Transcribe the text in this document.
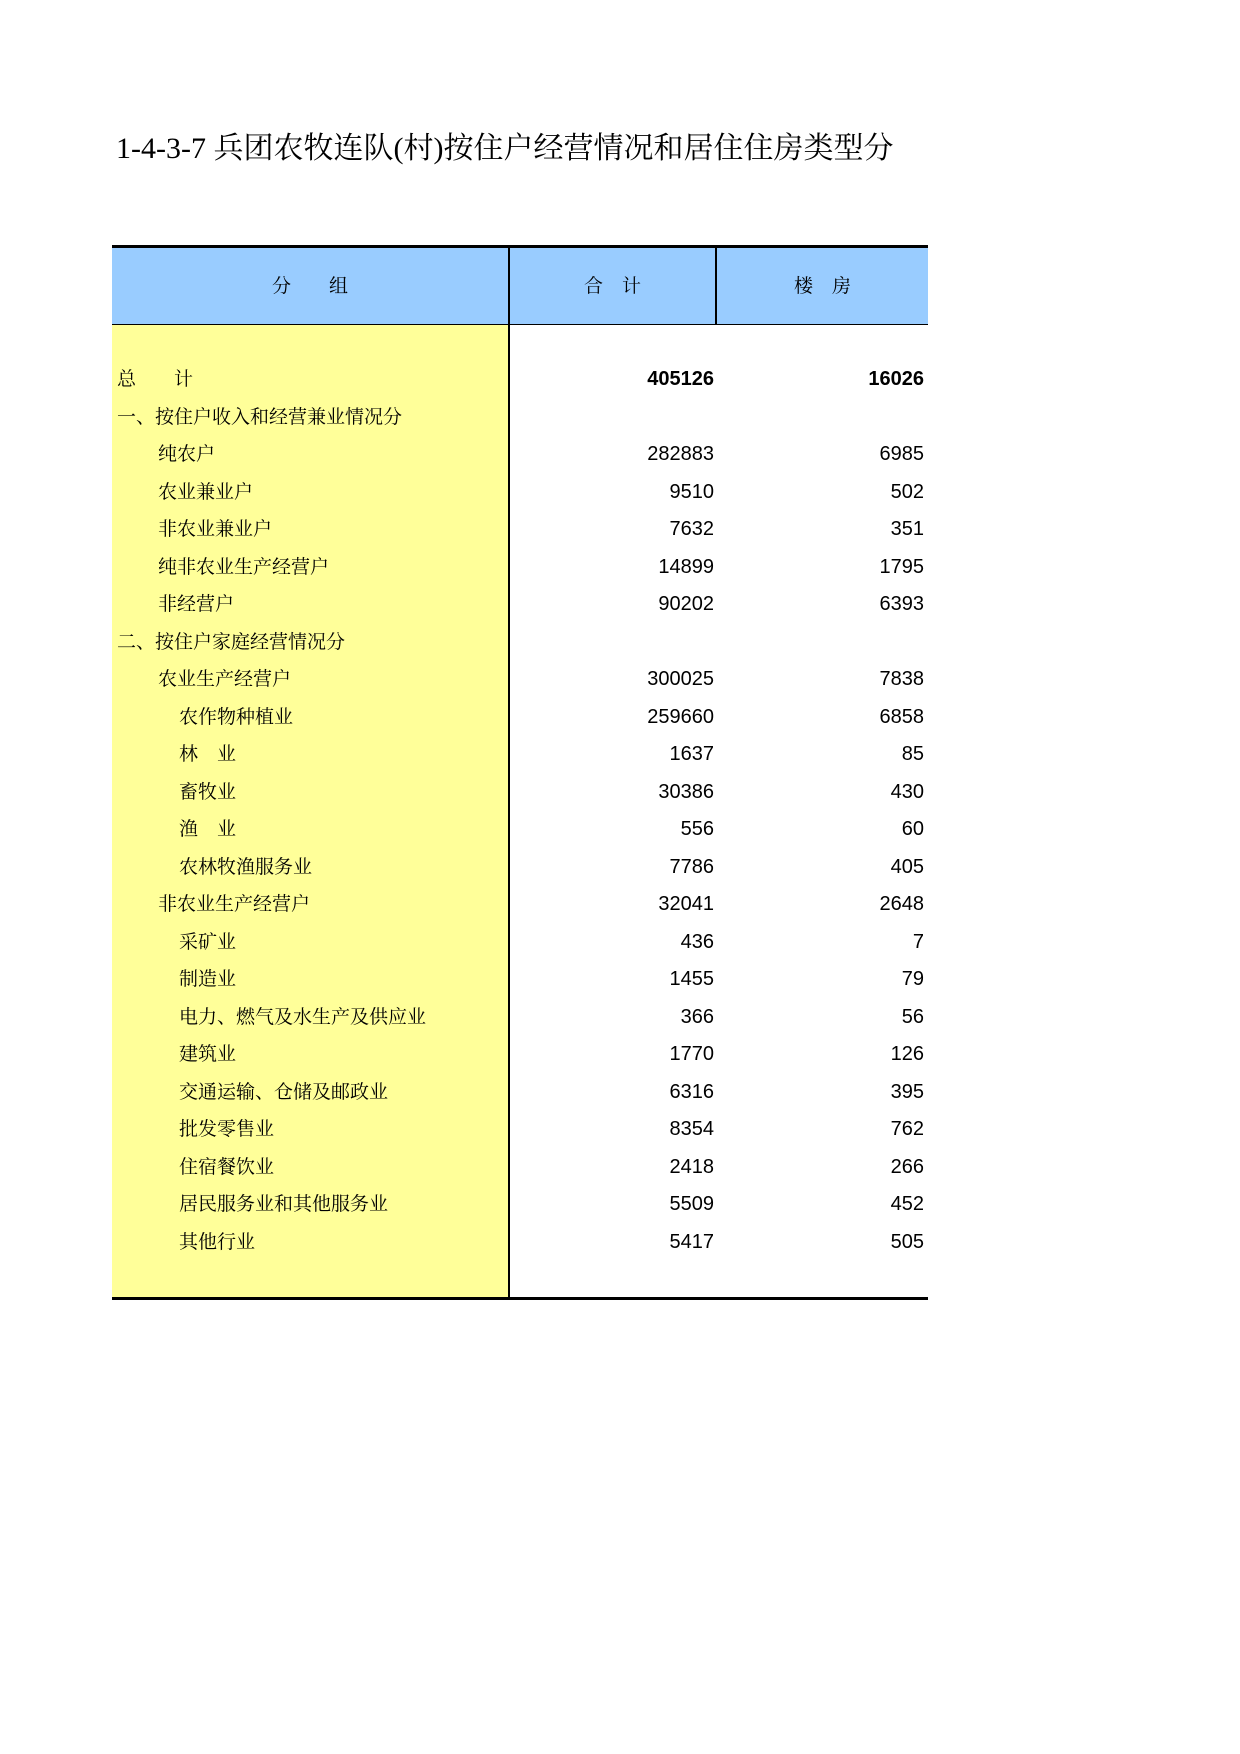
1-4-3-7 兵团农牧连队(村)按住户经营情况和居住住房类型分
分　　组	合　计	楼　房
总　　计	405126	16026
一、按住户收入和经营兼业情况分
纯农户	282883	6985
农业兼业户	9510	502
非农业兼业户	7632	351
纯非农业生产经营户	14899	1795
非经营户	90202	6393
二、按住户家庭经营情况分
农业生产经营户	300025	7838
农作物种植业	259660	6858
林　业	1637	85
畜牧业	30386	430
渔　业	556	60
农林牧渔服务业	7786	405
非农业生产经营户	32041	2648
采矿业	436	7
制造业	1455	79
电力、燃气及水生产及供应业	366	56
建筑业	1770	126
交通运输、仓储及邮政业	6316	395
批发零售业	8354	762
住宿餐饮业	2418	266
居民服务业和其他服务业	5509	452
其他行业	5417	505
